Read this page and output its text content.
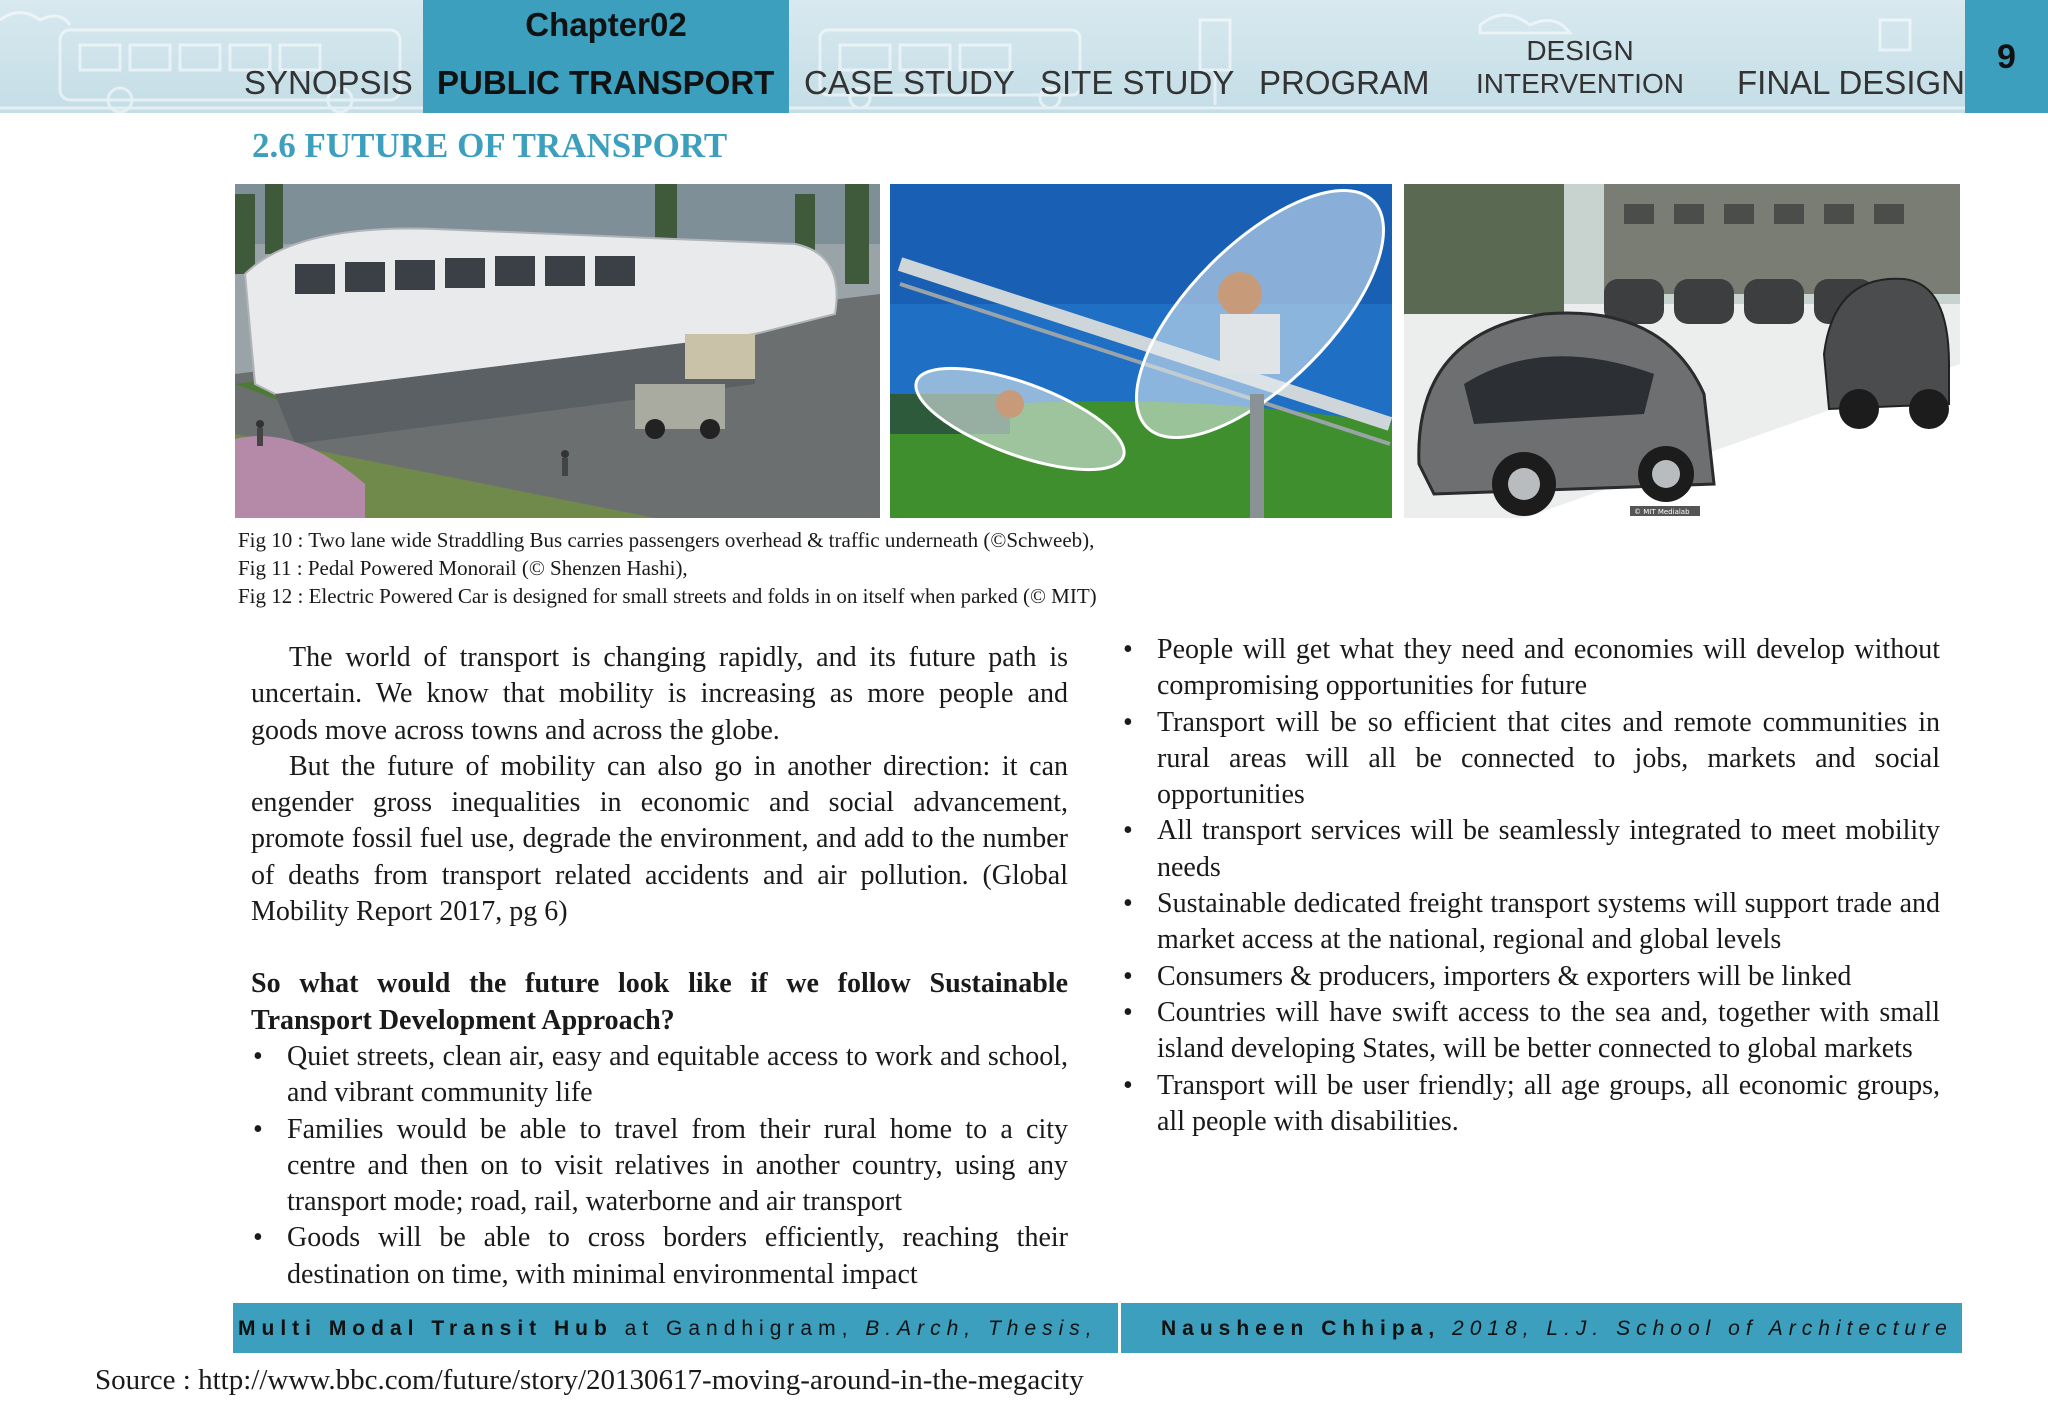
Chapter02
SYNOPSIS PUBLIC TRANSPORT CASE STUDY SITE STUDY PROGRAM
DESIGN
INTERVENTION FINAL DESIGN
9
2.6 FUTURE OF TRANSPORT
© MIT Medialab
Fig 10 : Two lane wide Straddling Bus carries passengers overhead & traffic underneath (©Schweeb),
Fig 11 : Pedal Powered Monorail (© Shenzen Hashi),
Fig 12 : Electric Powered Car is designed for small streets and folds in on itself when parked (© MIT)

The world of transport is changing rapidly, and its future path is uncertain. We know that mobility is increasing as more people and goods move across towns and across the globe.

But the future of mobility can also go in another direction: it can engender gross inequalities in economic and social advancement, promote fossil fuel use, degrade the environment, and add to the number of deaths from transport related accidents and air pollution. (Global Mobility Report 2017, pg 6)

So what would the future look like if we follow Sustainable Transport Development Approach?

• Quiet streets, clean air, easy and equitable access to work and school, and vibrant community life
• Families would be able to travel from their rural home to a city centre and then on to visit relatives in another country, using any transport mode; road, rail, waterborne and air transport
• Goods will be able to cross borders efficiently, reaching their destination on time, with minimal environmental impact
• People will get what they need and economies will develop without compromising opportunities for future
• Transport will be so efficient that cites and remote communities in rural areas will all be connected to jobs, markets and social opportunities
• All transport services will be seamlessly integrated to meet mobility needs
• Sustainable dedicated freight transport systems will support trade and market access at the national, regional and global levels
• Consumers & producers, importers & exporters will be linked
• Countries will have swift access to the sea and, together with small island developing States, will be better connected to global markets
• Transport will be user friendly; all age groups, all economic groups, all people with disabilities.
Multi Modal Transit Hub at Gandhigram, B.Arch, Thesis,	Nausheen Chhipa, 2018, L.J. School of Architecture
Source : http://www.bbc.com/future/story/20130617-moving-around-in-the-megacity
